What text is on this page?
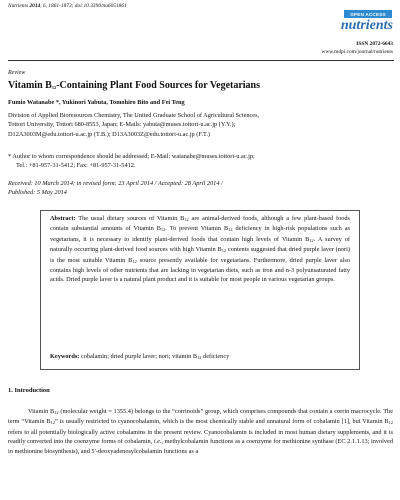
Nutrients 2014, 6, 1861-1873; doi:10.3390/nu6051861
OPEN ACCESS
nutrients
ISSN 2072-6643
www.mdpi.com/journal/nutrients
Review
Vitamin $B_{12}$-Containing Plant Food Sources for Vegetarians
Fumio Watanabe *, Yukinori Yabuta, Tomohiro Bito and Fei Teng
Division of Applied Bioresources Chemistry, The United Graduate School of Agricultural Sciences,
Tottori University, Tottori 680-8553, Japan; E-Mails: yabuta@muses.tottori-u.ac.jp (Y.Y.);
D12A3003M@edu.tottori-u.ac.jp (T.B.); D13A3003Z@edu.tottori-u.ac.jp (F.T.)
* Author to whom correspondence should be addressed; E-Mail: watanabe@muses.tottori-u.ac.jp;
Tel.: +81-957-31-5412; Fax: +81-957-31-5412.
Received: 10 March 2014; in revised form: 23 April 2014 / Accepted: 28 April 2014 /
Published: 5 May 2014
Abstract: The usual dietary sources of Vitamin $B_{12}$ are animal-derived foods, although a few plant-based foods contain substantial amounts of Vitamin $B_{12}$. To prevent Vitamin $B_{12}$ deficiency in high-risk populations such as vegetarians, it is necessary to identify plant-derived foods that contain high levels of Vitamin $B_{12}$. A survey of naturally occurring plant-derived food sources with high Vitamin $B_{12}$ contents suggested that dried purple laver (nori) is the most suitable Vitamin $B_{12}$ source presently available for vegetarians. Furthermore, dried purple laver also contains high levels of other nutrients that are lacking in vegetarian diets, such as iron and n-3 polyunsaturated fatty acids. Dried purple laver is a natural plant product and it is suitable for most people in various vegetarian groups.
Keywords: cobalamin; dried purple laver; nori; vitamin $B_{12}$ deficiency
1. Introduction

Vitamin $B_{12}$ (molecular weight = 1355.4) belongs to the “corrinoids” group, which comprises compounds that contain a corrin macrocycle. The term “Vitamin $B_{12}$” is usually restricted to cyanocobalamin, which is the most chemically stable and unnatural form of cobalamin [1], but Vitamin $B_{12}$ refers to all potentially biologically active cobalamins in the present review. Cyanocobalamin is included in most human dietary supplements, and it is readily converted into the coenzyme forms of cobalamin, i.e., methylcobalamin functions as a coenzyme for methionine synthase (EC 2.1.1.13; involved in methionine biosynthesis), and 5′-deoxyadenosylcobalamin functions as a
